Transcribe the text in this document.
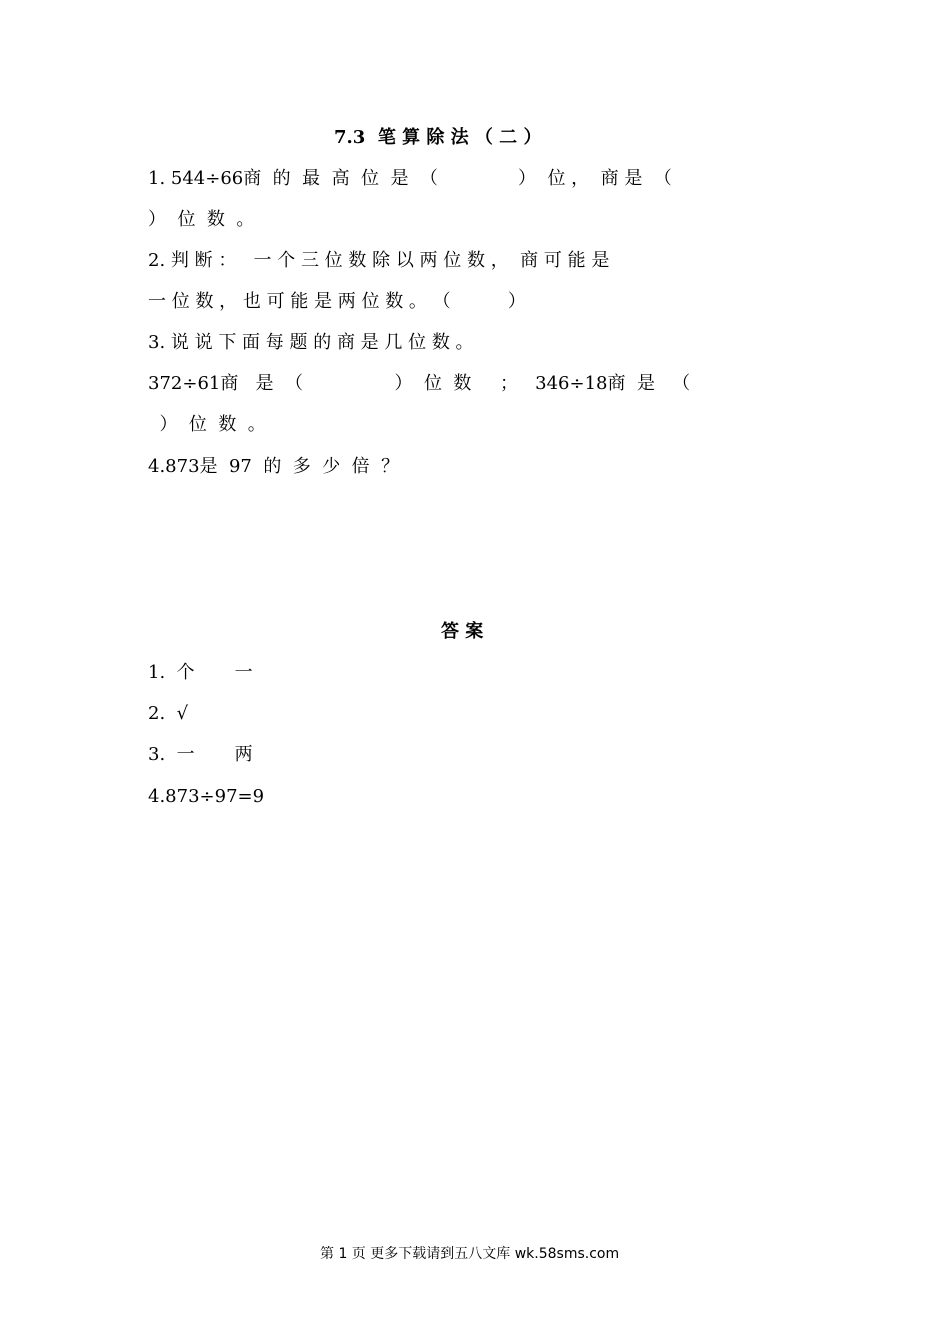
7.3  笔 算 除 法 （ 二 ）
1. 544÷66商  的  最  高  位  是  （              ）  位 ，  商 是  （
）  位  数  。
2. 判 断 ：   一 个 三 位 数 除 以 两 位 数 ，  商 可 能 是
一 位 数 ， 也 可 能 是 两 位 数 。 （          ）
3. 说 说 下 面 每 题 的 商 是 几 位 数 。
372÷61商   是  （                ）  位  数     ；   346÷18商  是   （
）  位  数  。
4.873是  97  的  多  少  倍  ？
答 案
1.  个       一
2.  √
3.  一       两
4.873÷97=9
第 1 页 更多下载请到五八文库 wk.58sms.com
